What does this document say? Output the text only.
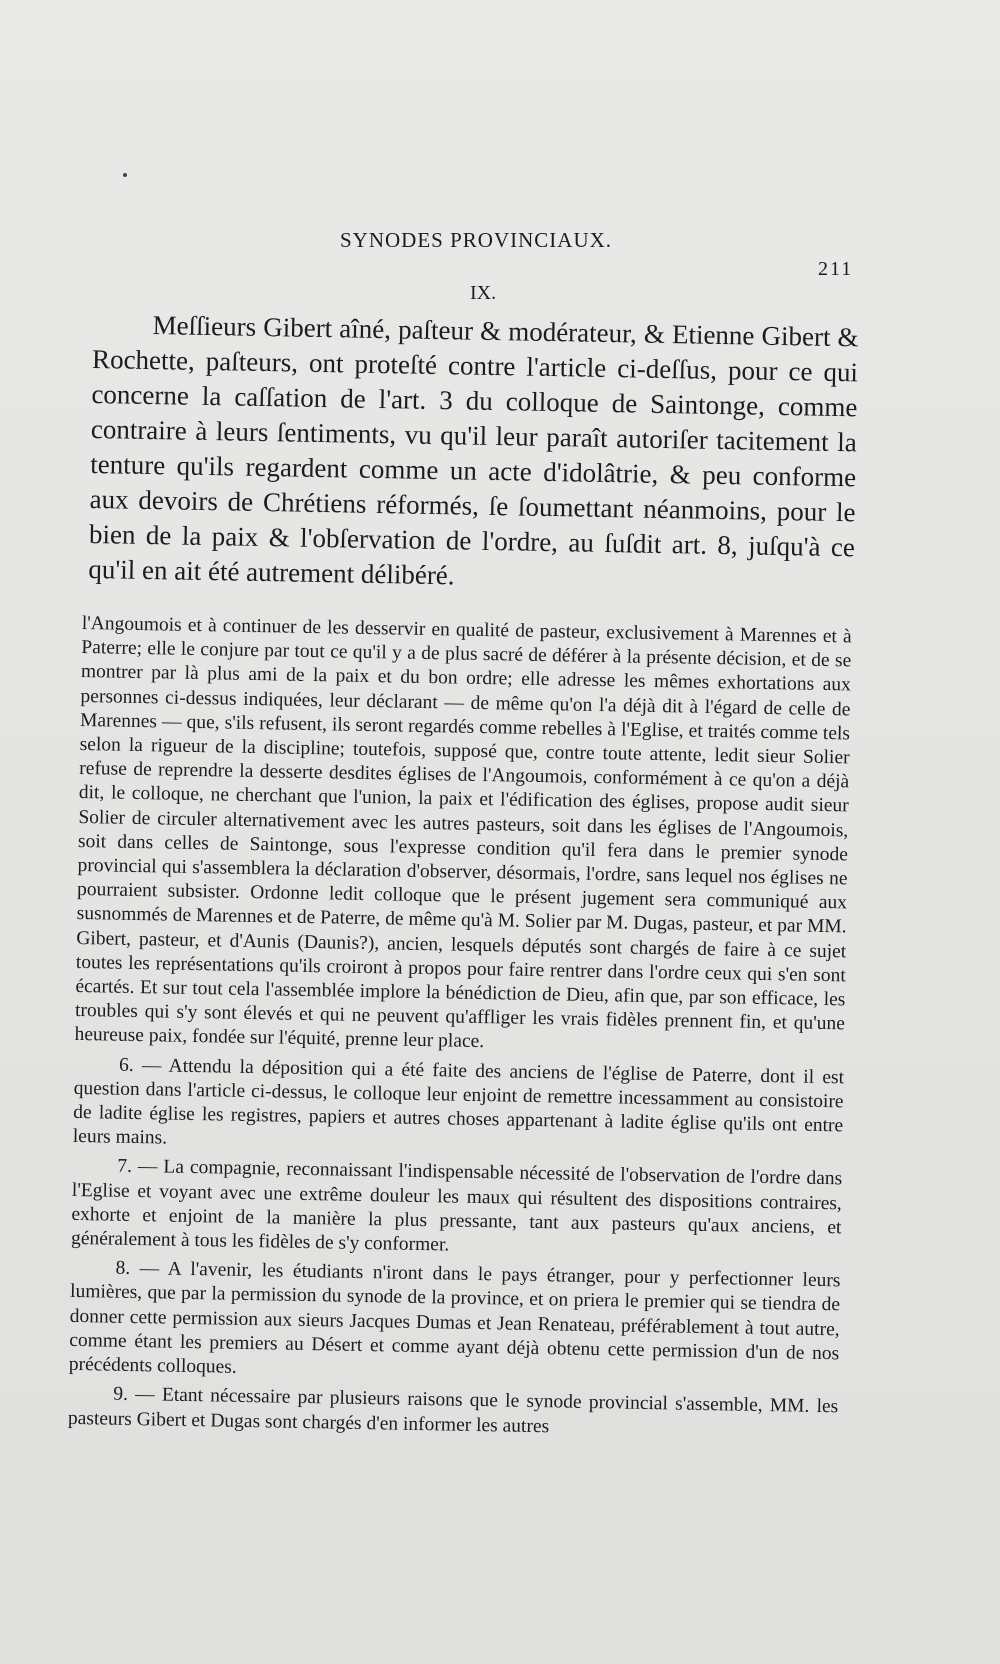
SYNODES PROVINCIAUX.
211
IX.

Meſſieurs Gibert aîné, paſteur & modérateur, & Etienne Gibert & Rochette, paſteurs, ont proteſté contre l'article ci-deſſus, pour ce qui concerne la caſſation de l'art. 3 du colloque de Saintonge, comme contraire à leurs ſentiments, vu qu'il leur paraît autoriſer tacitement la tenture qu'ils regardent comme un acte d'idolâtrie, & peu conforme aux devoirs de Chrétiens réformés, ſe ſoumettant néanmoins, pour le bien de la paix & l'obſervation de l'ordre, au ſuſdit art. 8, juſqu'à ce qu'il en ait été autrement délibéré.

l'Angoumois et à continuer de les desservir en qualité de pasteur, exclusivement à Marennes et à Paterre; elle le conjure par tout ce qu'il y a de plus sacré de déférer à la présente décision, et de se montrer par là plus ami de la paix et du bon ordre; elle adresse les mêmes exhortations aux personnes ci-dessus indiquées, leur déclarant — de même qu'on l'a déjà dit à l'égard de celle de Marennes — que, s'ils refusent, ils seront regardés comme rebelles à l'Eglise, et traités comme tels selon la rigueur de la discipline; toutefois, supposé que, contre toute attente, ledit sieur Solier refuse de reprendre la desserte desdites églises de l'Angoumois, conformément à ce qu'on a déjà dit, le colloque, ne cherchant que l'union, la paix et l'édification des églises, propose audit sieur Solier de circuler alternativement avec les autres pasteurs, soit dans les églises de l'Angoumois, soit dans celles de Saintonge, sous l'expresse condition qu'il fera dans le premier synode provincial qui s'assemblera la déclaration d'observer, désormais, l'ordre, sans lequel nos églises ne pourraient subsister. Ordonne ledit colloque que le présent jugement sera communiqué aux susnommés de Marennes et de Paterre, de même qu'à M. Solier par M. Dugas, pasteur, et par MM. Gibert, pasteur, et d'Aunis (Daunis?), ancien, lesquels députés sont chargés de faire à ce sujet toutes les représentations qu'ils croiront à propos pour faire rentrer dans l'ordre ceux qui s'en sont écartés. Et sur tout cela l'assemblée implore la bénédiction de Dieu, afin que, par son efficace, les troubles qui s'y sont élevés et qui ne peuvent qu'affliger les vrais fidèles prennent fin, et qu'une heureuse paix, fondée sur l'équité, prenne leur place.

6. — Attendu la déposition qui a été faite des anciens de l'église de Paterre, dont il est question dans l'article ci-dessus, le colloque leur enjoint de remettre incessamment au consistoire de ladite église les registres, papiers et autres choses appartenant à ladite église qu'ils ont entre leurs mains.

7. — La compagnie, reconnaissant l'indispensable nécessité de l'observation de l'ordre dans l'Eglise et voyant avec une extrême douleur les maux qui résultent des dispositions contraires, exhorte et enjoint de la manière la plus pressante, tant aux pasteurs qu'aux anciens, et généralement à tous les fidèles de s'y conformer.

8. — A l'avenir, les étudiants n'iront dans le pays étranger, pour y perfectionner leurs lumières, que par la permission du synode de la province, et on priera le premier qui se tiendra de donner cette permission aux sieurs Jacques Dumas et Jean Renateau, préférablement à tout autre, comme étant les premiers au Désert et comme ayant déjà obtenu cette permission d'un de nos précédents colloques.

9. — Etant nécessaire par plusieurs raisons que le synode provincial s'assemble, MM. les pasteurs Gibert et Dugas sont chargés d'en informer les autres
